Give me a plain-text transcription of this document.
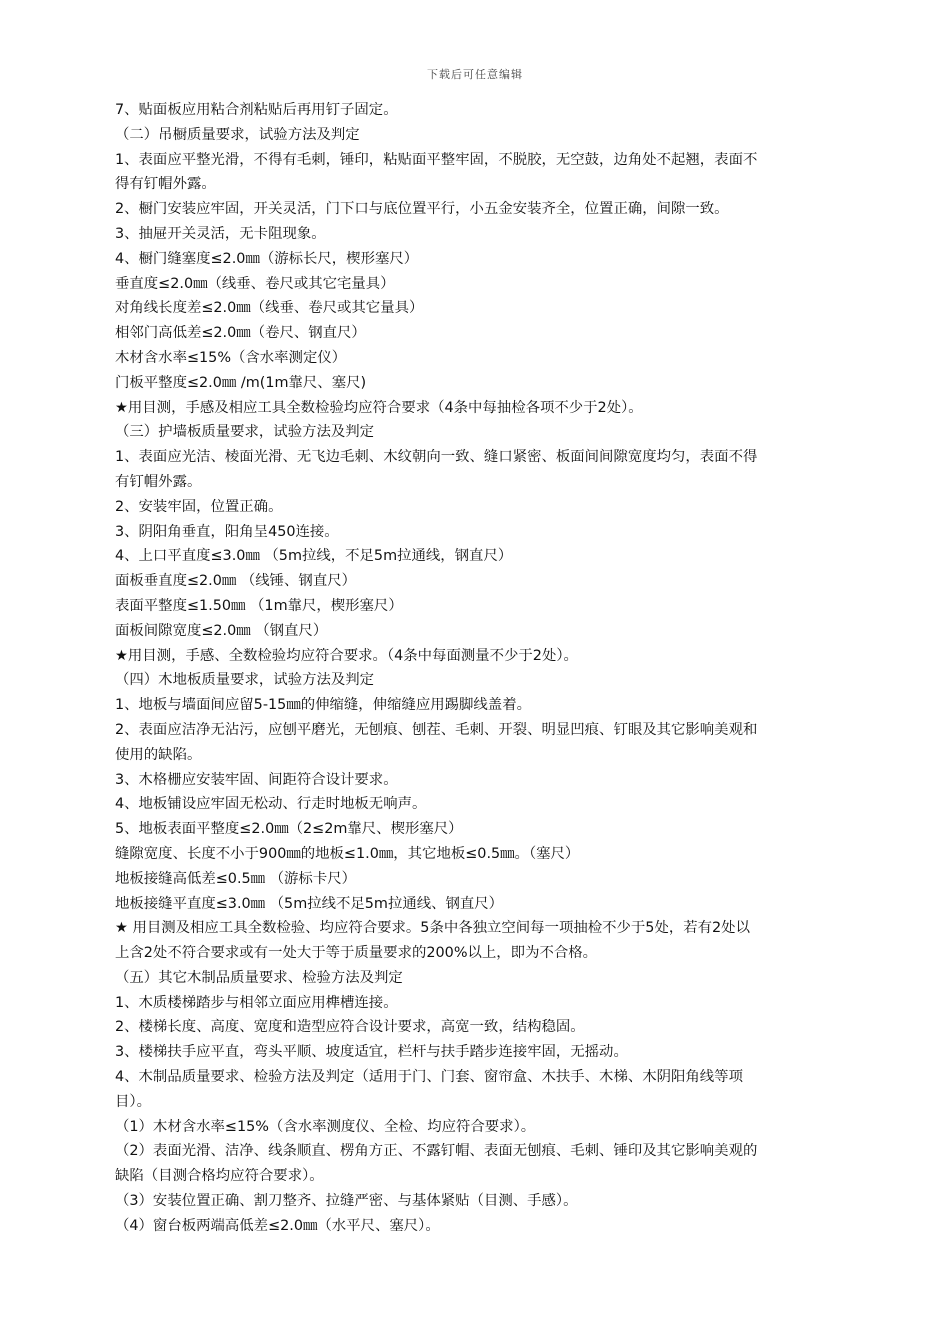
下载后可任意编辑
7、贴面板应用粘合剂粘贴后再用钉子固定。
（二）吊橱质量要求，试验方法及判定
1、表面应平整光滑，不得有毛刺，锤印，粘贴面平整牢固，不脱胶，无空鼓，边角处不起翘，表面不
得有钉帽外露。
2、橱门安装应牢固，开关灵活，门下口与底位置平行，小五金安装齐全，位置正确，间隙一致。
3、抽屉开关灵活，无卡阻现象。
4、橱门缝塞度≤2.0㎜（游标长尺，楔形塞尺）
垂直度≤2.0㎜（线垂、卷尺或其它宅量具）
对角线长度差≤2.0㎜（线垂、卷尺或其它量具）
相邻门高低差≤2.0㎜（卷尺、钢直尺）
木材含水率≤15%（含水率测定仪）
门板平整度≤2.0㎜ /m(1m靠尺、塞尺)
★用目测，手感及相应工具全数检验均应符合要求（4条中每抽检各项不少于2处）。
（三）护墙板质量要求，试验方法及判定
1、表面应光洁、棱面光滑、无飞边毛刺、木纹朝向一致、缝口紧密、板面间间隙宽度均匀，表面不得
有钉帽外露。
2、安装牢固，位置正确。
3、阴阳角垂直，阳角呈450连接。
4、上口平直度≤3.0㎜ （5m拉线，不足5m拉通线，钢直尺）
面板垂直度≤2.0㎜ （线锤、钢直尺）
表面平整度≤1.50㎜ （1m靠尺，楔形塞尺）
面板间隙宽度≤2.0㎜ （钢直尺）
★用目测，手感、全数检验均应符合要求。（4条中每面测量不少于2处）。
（四）木地板质量要求，试验方法及判定
1、地板与墙面间应留5-15㎜的伸缩缝，伸缩缝应用踢脚线盖着。
2、表面应洁净无沾污，应刨平磨光，无刨痕、刨茬、毛刺、开裂、明显凹痕、钉眼及其它影响美观和
使用的缺陷。
3、木格栅应安装牢固、间距符合设计要求。
4、地板铺设应牢固无松动、行走时地板无响声。
5、地板表面平整度≤2.0㎜（2≤2m靠尺、楔形塞尺）
缝隙宽度、长度不小于900㎜的地板≤1.0㎜，其它地板≤0.5㎜。（塞尺）
地板接缝高低差≤0.5㎜ （游标卡尺）
地板接缝平直度≤3.0㎜ （5m拉线不足5m拉通线、钢直尺）
★ 用目测及相应工具全数检验、均应符合要求。5条中各独立空间每一项抽检不少于5处，若有2处以
上含2处不符合要求或有一处大于等于质量要求的200%以上，即为不合格。
（五）其它木制品质量要求、检验方法及判定
1、木质楼梯踏步与相邻立面应用榫槽连接。
2、楼梯长度、高度、宽度和造型应符合设计要求，高宽一致，结构稳固。
3、楼梯扶手应平直，弯头平顺、坡度适宜，栏杆与扶手踏步连接牢固，无摇动。
4、木制品质量要求、检验方法及判定（适用于门、门套、窗帘盒、木扶手、木梯、木阴阳角线等项
目）。
（1）木材含水率≤15%（含水率测度仪、全检、均应符合要求）。
（2）表面光滑、洁净、线条顺直、楞角方正、不露钉帽、表面无刨痕、毛刺、锤印及其它影响美观的
缺陷（目测合格均应符合要求）。
（3）安装位置正确、割刀整齐、拉缝严密、与基体紧贴（目测、手感）。
（4）窗台板两端高低差≤2.0㎜（水平尺、塞尺）。
